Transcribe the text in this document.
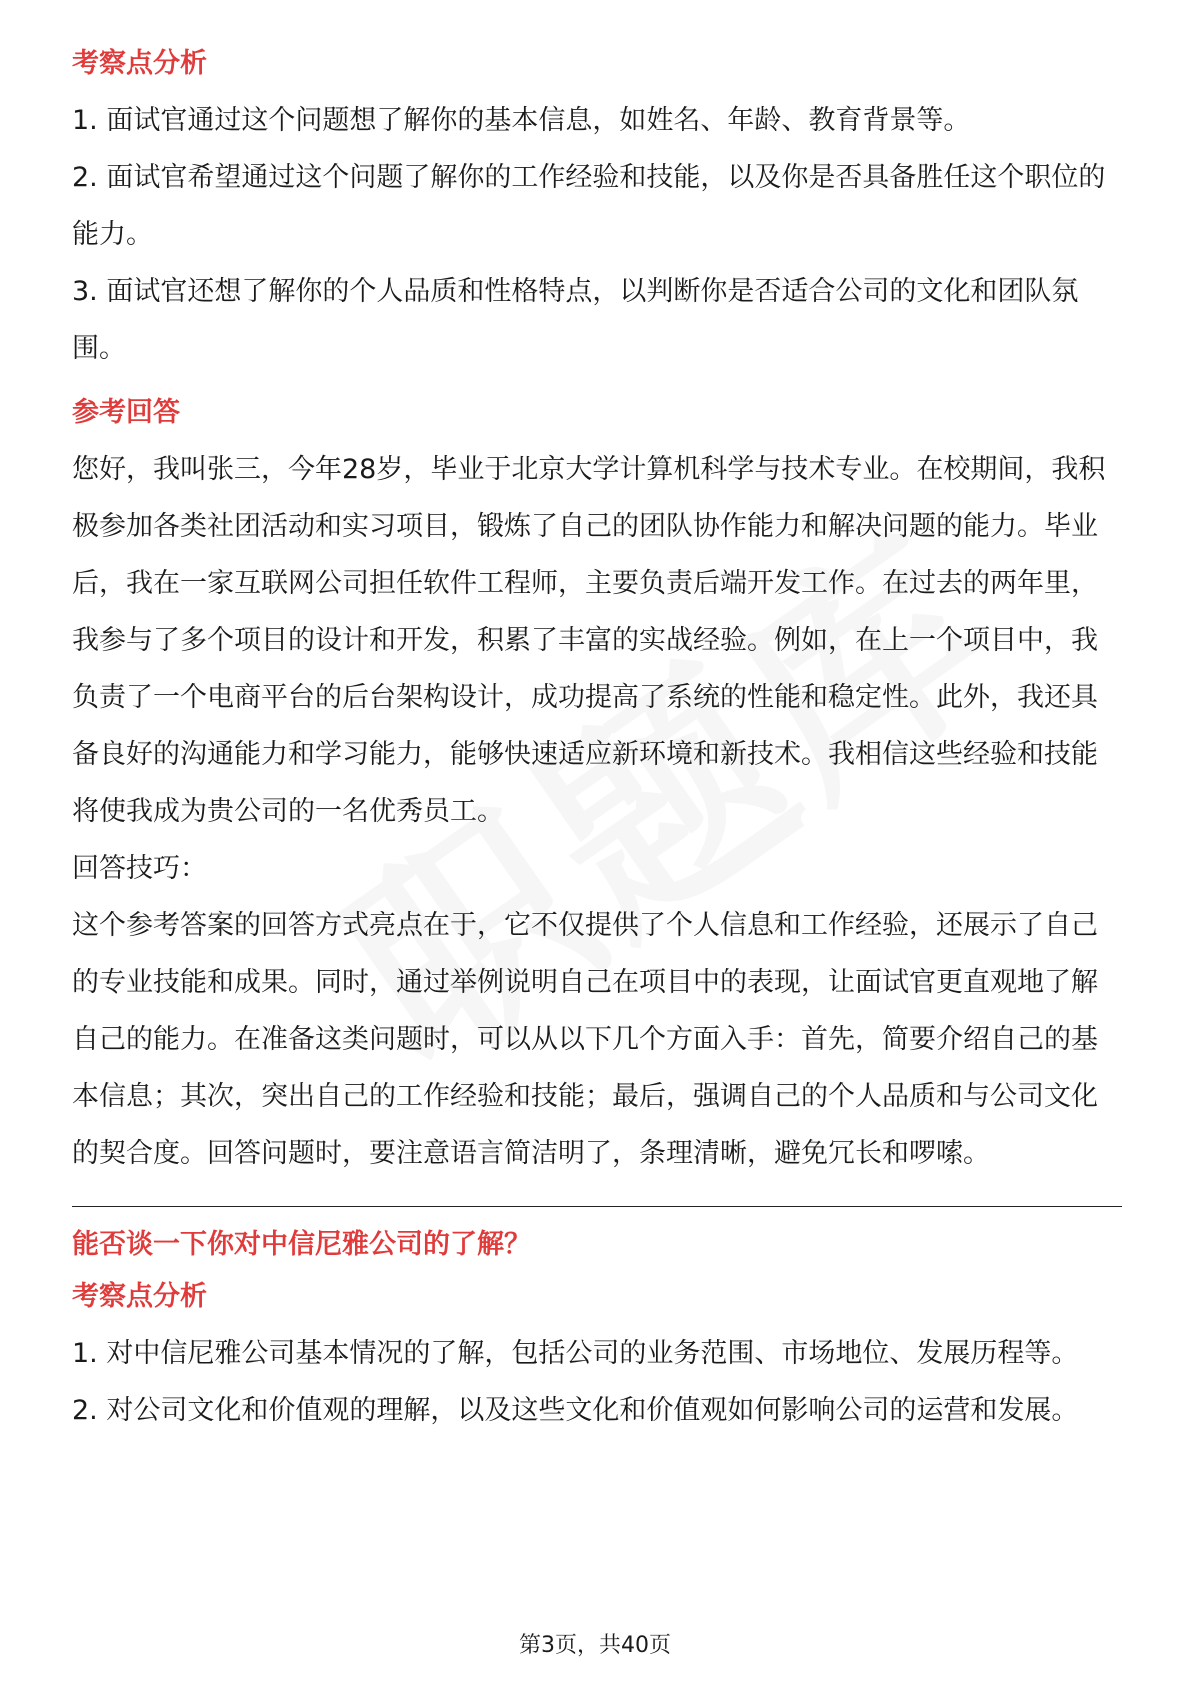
考察点分析

1. 面试官通过这个问题想了解你的基本信息，如姓名、年龄、教育背景等。

2. 面试官希望通过这个问题了解你的工作经验和技能，以及你是否具备胜任这个职位的能力。

3. 面试官还想了解你的个人品质和性格特点，以判断你是否适合公司的文化和团队氛围。

参考回答

您好，我叫张三，今年28岁，毕业于北京大学计算机科学与技术专业。在校期间，我积极参加各类社团活动和实习项目，锻炼了自己的团队协作能力和解决问题的能力。毕业后，我在一家互联网公司担任软件工程师，主要负责后端开发工作。在过去的两年里，我参与了多个项目的设计和开发，积累了丰富的实战经验。例如，在上一个项目中，我负责了一个电商平台的后台架构设计，成功提高了系统的性能和稳定性。此外，我还具备良好的沟通能力和学习能力，能够快速适应新环境和新技术。我相信这些经验和技能将使我成为贵公司的一名优秀员工。

回答技巧：

这个参考答案的回答方式亮点在于，它不仅提供了个人信息和工作经验，还展示了自己的专业技能和成果。同时，通过举例说明自己在项目中的表现，让面试官更直观地了解自己的能力。在准备这类问题时，可以从以下几个方面入手：首先，简要介绍自己的基本信息；其次，突出自己的工作经验和技能；最后，强调自己的个人品质和与公司文化的契合度。回答问题时，要注意语言简洁明了，条理清晰，避免冗长和啰嗦。

能否谈一下你对中信尼雅公司的了解？
考察点分析

1. 对中信尼雅公司基本情况的了解，包括公司的业务范围、市场地位、发展历程等。

2. 对公司文化和价值观的理解，以及这些文化和价值观如何影响公司的运营和发展。

第3页，共40页
